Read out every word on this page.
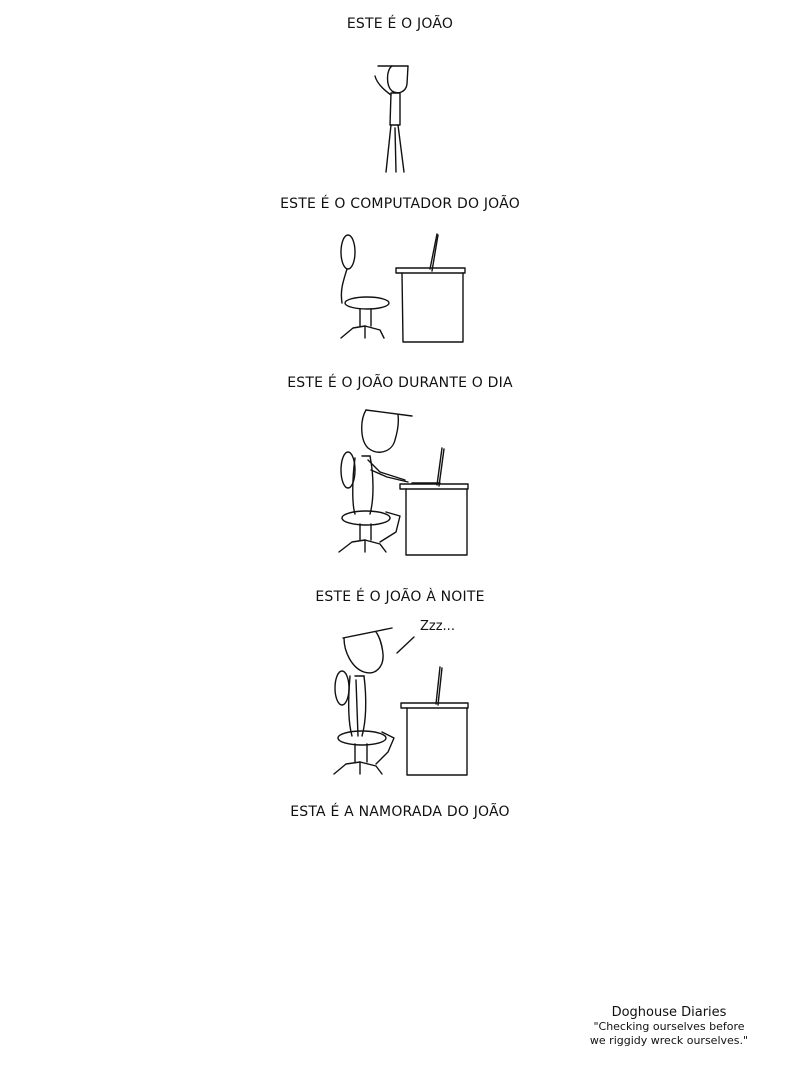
ESTE É O JOÃO
ESTE É O COMPUTADOR DO JOÃO
ESTE É O JOÃO DURANTE O DIA
ESTE É O JOÃO À NOITE
ESTA É A NAMORADA DO JOÃO
Zzz...
Doghouse Diaries
"Checking ourselves before
we riggidy wreck ourselves."
